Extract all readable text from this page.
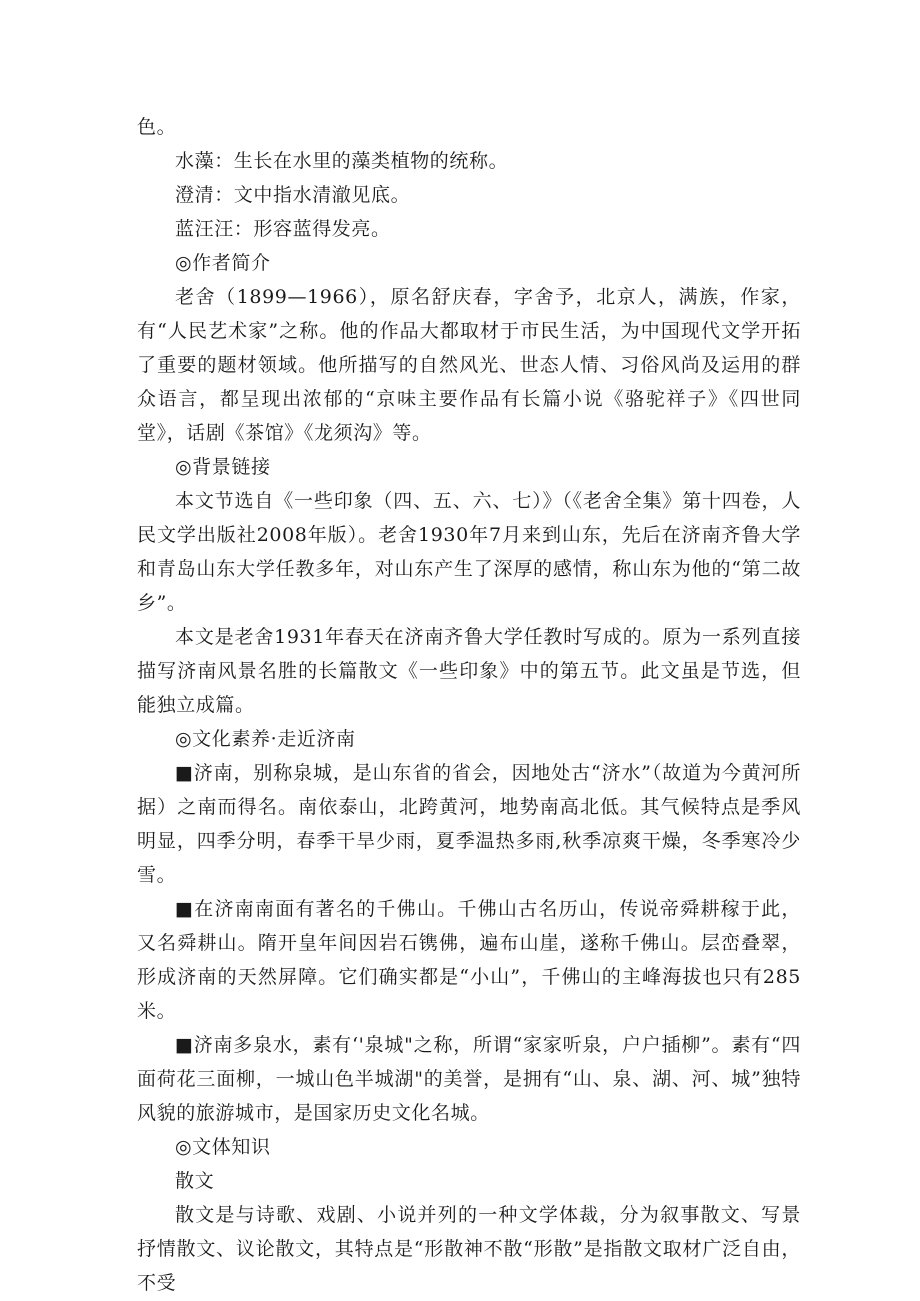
色。

水藻：生长在水里的藻类植物的统称。

澄清：文中指水清澈见底。

蓝汪汪：形容蓝得发亮。

◎作者简介

老舍（1899—1966），原名舒庆春，字舍予，北京人，满族，作家，有“人民艺术家”之称。他的作品大都取材于市民生活，为中国现代文学开拓了重要的题材领域。他所描写的自然风光、世态人情、习俗风尚及运用的群众语言，都呈现出浓郁的“京味主要作品有长篇小说《骆驼祥子》《四世同堂》，话剧《茶馆》《龙须沟》等。

◎背景链接

本文节选自《一些印象（四、五、六、七）》（《老舍全集》第十四卷，人民文学出版社2008年版）。老舍1930年7月来到山东，先后在济南齐鲁大学和青岛山东大学任教多年，对山东产生了深厚的感情，称山东为他的“第二故乡”。

本文是老舍1931年春天在济南齐鲁大学任教时写成的。原为一系列直接描写济南风景名胜的长篇散文《一些印象》中的第五节。此文虽是节选，但能独立成篇。

◎文化素养·走近济南

■济南，别称泉城，是山东省的省会，因地处古“济水”（故道为今黄河所据）之南而得名。南依泰山，北跨黄河，地势南高北低。其气候特点是季风明显，四季分明，春季干旱少雨，夏季温热多雨,秋季凉爽干燥，冬季寒冷少雪。

■在济南南面有著名的千佛山。千佛山古名历山，传说帝舜耕稼于此，又名舜耕山。隋开皇年间因岩石镌佛，遍布山崖，遂称千佛山。层峦叠翠，形成济南的天然屏障。它们确实都是“小山”，千佛山的主峰海拔也只有285米。

■济南多泉水，素有‘'泉城"之称，所谓“家家听泉，户户插柳”。素有“四面荷花三面柳，一城山色半城湖"的美誉，是拥有“山、泉、湖、河、城”独特风貌的旅游城市，是国家历史文化名城。

◎文体知识

散文

散文是与诗歌、戏剧、小说并列的一种文学体裁，分为叙事散文、写景抒情散文、议论散文，其特点是“形散神不散“形散”是指散文取材广泛自由，不受
